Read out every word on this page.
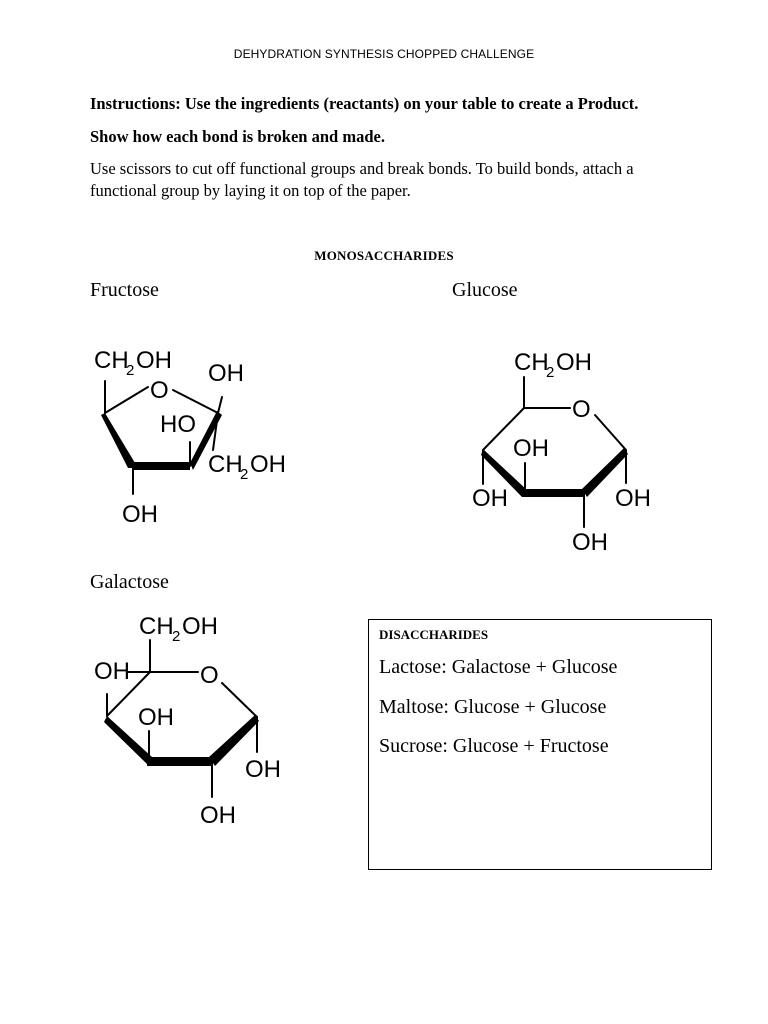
DEHYDRATION SYNTHESIS CHOPPED CHALLENGE
Instructions: Use the ingredients (reactants) on your table to create a Product.
Show how each bond is broken and made.
Use scissors to cut off functional groups and break bonds. To build bonds, attach a
functional group by laying it on top of the paper.
MONOSACCHARIDES
Fructose
CH
2 OH
O
OH
HO
CH
2 OH
OH
Glucose
CH
2 OH
O
OH
OH	OH
OH
Galactose
CH
2 OH
OH	O
OH
OH
OH
DISACCHARIDES
Lactose: Galactose + Glucose
Maltose: Glucose + Glucose
Sucrose: Glucose + Fructose
